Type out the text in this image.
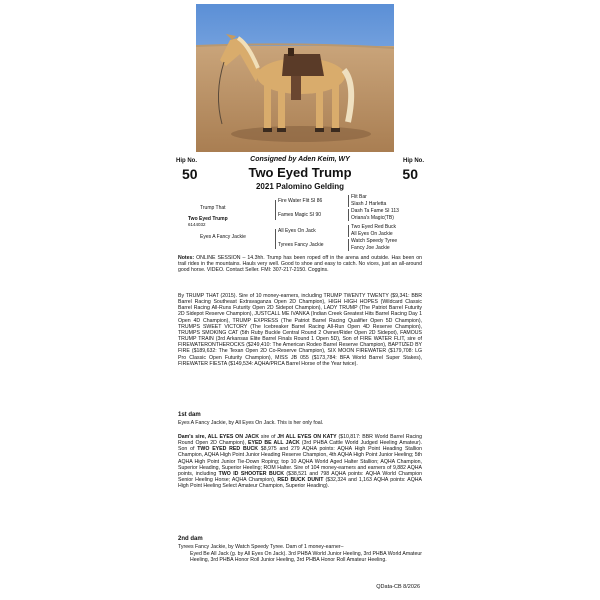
Consigned by Aden Keim, WY
Hip No.
50
Hip No.
50
Two Eyed Trump
2021 Palomino Gelding
Trump That
Two Eyed Trump
6144032
Eyes A Fancy Jackie
Fire Water Flit SI 86
Fames Magic SI 90
All Eyes On Jack
Tyrees Fancy Jackie
Flit Bar
Slash J Harletta
Dash Ta Fame SI 113
Oriana's Magic(TB)
Two Eyed Red Buck
All Eyes On Jackie
Watch Speedy Tyree
Fancy Joe Jackie
Notes: ONLINE SESSION – 14.3hh. Trump has been roped off in the arena and outside. Has been on trail rides in the mountains. Hauls very well. Good to shoe and easy to catch. No vices, just an all-around good horse. VIDEO. Contact Seller. FMI: 307-217-2150. Coggins.
By TRUMP THAT (2015). Sire of 10 money-earners, including TRUMP TWENTY TWENTY ($9,341: BBR Barrel Racing Southeast Extravaganza Open 2D Champion), HIGH HIGH HOPES (Wildcard Classic Barrel Racing All-Runs Futurity Open 2D Sidepot Champion), LADY TRUMP (The Patriot Barrel Futurity 2D Sidepot Reserve Champion), JUSTCALL ME IVANKA (Indian Creek Greatest Hits Barrel Racing Day 1 Open 4D Champion), TRUMP EXPRESS (The Patriot Barrel Racing Qualifier Open 5D Champion), TRUMPS SWEET VICTORY (The Icebreaker Barrel Racing All-Run Open 4D Reserve Champion), TRUMPS SMOKING CAT (5th Ruby Buckle Central Round 2 Owner/Rider Open 2D Sidepot), FAMOUS TRUMP TRAIN (3rd Arkansas Elite Barrel Finals Round 1 Open 5D), Son of FIRE WATER FLIT, sire of FIREWATERONTHEROCKS ($249,410: The American Rodeo Barrel Reserve Champion), BAPTIZED BY FIRE ($189,632: The Texan Open 2D Co-Reserve Champion), SIX MOON FIREWATER ($179,708: LG Pro Classic Open Futurity Champion), MISS JB 055 ($173,784: BFA World Barrel Super Stakes), FIREWATER FIESTA ($149,534: AQHA/PRCA Barrel Horse of the Year twice).
1st dam
Eyes A Fancy Jackie, by All Eyes On Jack. This is her only foal.
Dam's sire, ALL EYES ON JACK sire of JH ALL EYES ON KATY ($10,817: BBR World Barrel Racing Round Open 2D Champion), EYED BE ALL JACK (3rd PHBA Cattle World Judged Heeling Amateur). Son of TWO EYED RED BUCK $8,975 and 279 AQHA points: AQHA High Point Heading Stallion Champion, AQHA High Point Junior Heading Reserve Champion, 4th AQHA High Point Junior Heeling; 5th AQHA High Point Junior Tie-Down Roping; top 10 AQHA World Aged Halter Stallion; AQHA Champion, Superior Heading, Superior Heeling; ROM Halter. Sire of 104 money-earners and earners of 9,882 AQHA points, including TWO ID SHOOTER BUCK ($38,521 and 798 AQHA points: AQHA World Champion Senior Heeling Horse; AQHA Champion), RED BUCK DUNIT ($32,324 and 1,163 AQHA points: AQHA High Point Heeling Select Amateur Champion, Superior Heading).
2nd dam
Tyrees Fancy Jackie, by Watch Speedy Tyree. Dam of 1 money-earner–
Eyed Be All Jack (g. by All Eyes On Jack). 3rd PHBA World Junior Heeling, 3rd PHBA World Amateur Heeling, 3rd PHBA Honor Roll Junior Heeling, 3rd PHBA Honor Roll Amateur Heeling.
QData-CB 8/2026
